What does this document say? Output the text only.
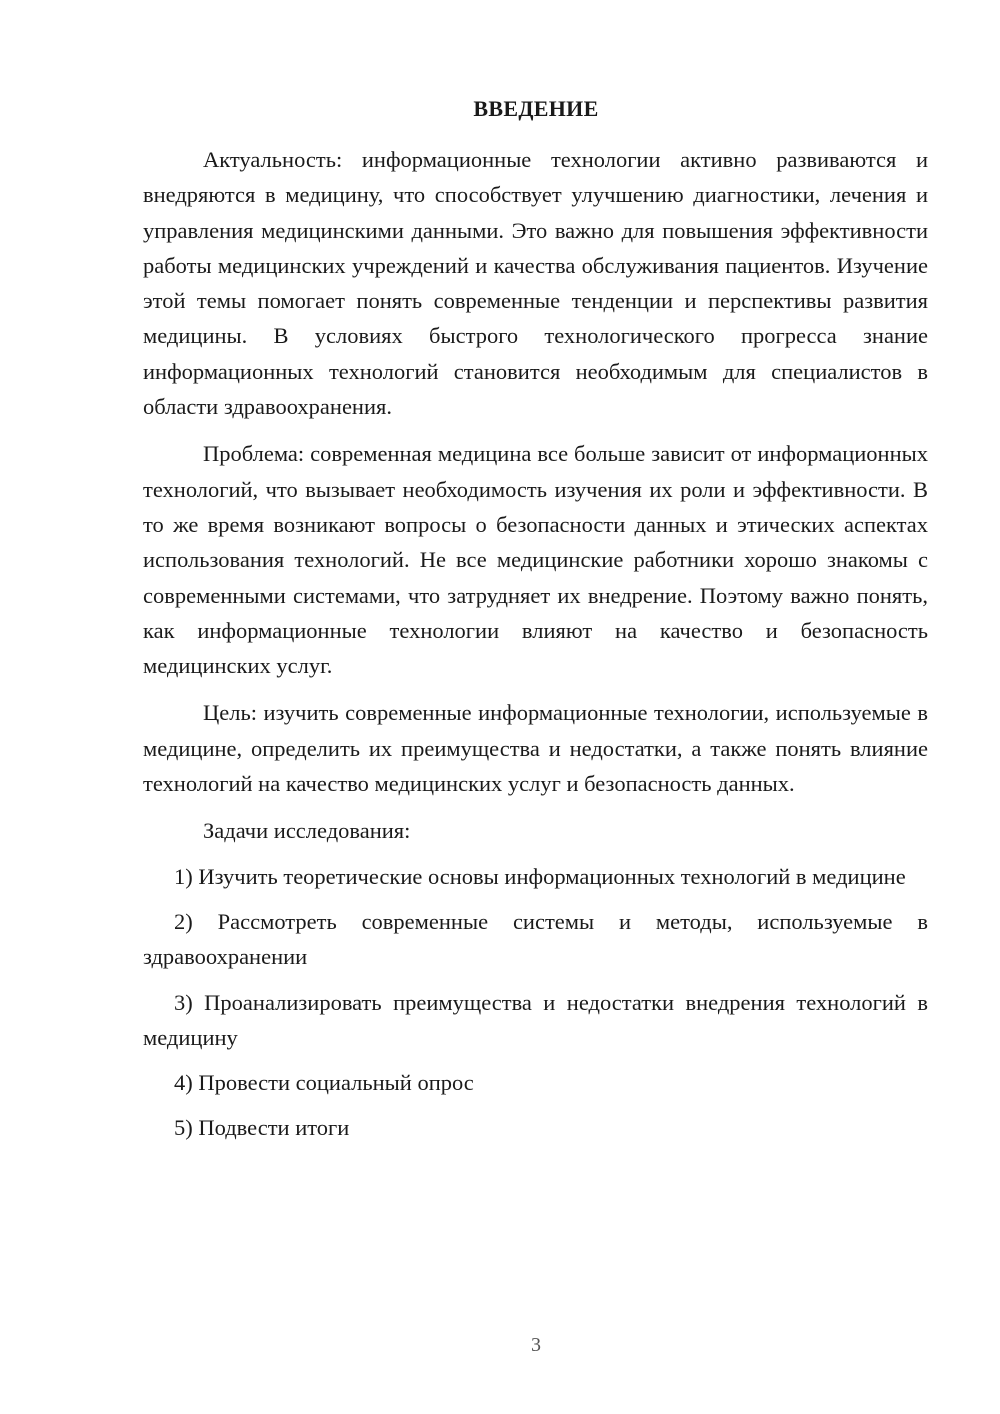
ВВЕДЕНИЕ

Актуальность: информационные технологии активно развиваются и внедряются в медицину, что способствует улучшению диагностики, лечения и управления медицинскими данными. Это важно для повышения эффективности работы медицинских учреждений и качества обслуживания пациентов. Изучение этой темы помогает понять современные тенденции и перспективы развития медицины. В условиях быстрого технологического прогресса знание информационных технологий становится необходимым для специалистов в области здравоохранения.

Проблема: современная медицина все больше зависит от информационных технологий, что вызывает необходимость изучения их роли и эффективности. В то же время возникают вопросы о безопасности данных и этических аспектах использования технологий. Не все медицинские работники хорошо знакомы с современными системами, что затрудняет их внедрение. Поэтому важно понять, как информационные технологии влияют на качество и безопасность медицинских услуг.

Цель: изучить современные информационные технологии, используемые в медицине, определить их преимущества и недостатки, а также понять влияние технологий на качество медицинских услуг и безопасность данных.

Задачи исследования:

1) Изучить теоретические основы информационных технологий в медицине

2) Рассмотреть современные системы и методы, используемые в здравоохранении

3) Проанализировать преимущества и недостатки внедрения технологий в медицину

4) Провести социальный опрос

5) Подвести итоги

3
